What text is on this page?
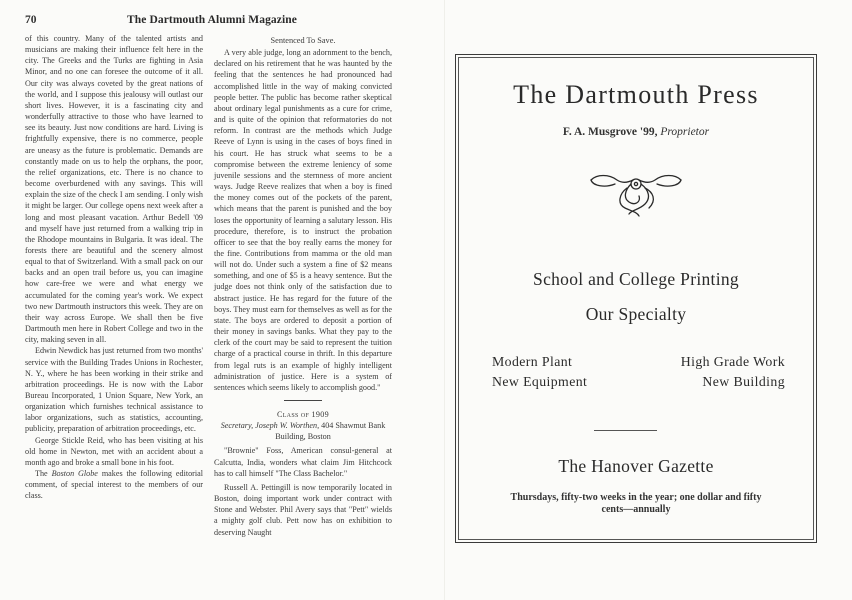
70	The Dartmouth Alumni Magazine

of this country. Many of the talented artists and musicians are making their influence felt here in the city. The Greeks and the Turks are fighting in Asia Minor, and no one can foresee the outcome of it all. Our city was always coveted by the great nations of the world, and I suppose this jealousy will outlast our short lives. However, it is a fascinating city and wonderfully attractive to those who have learned to see its beauty. Just now conditions are hard. Living is frightfully expensive, there is no commerce, people are uneasy as the future is problematic. Demands are constantly made on us to help the orphans, the poor, the relief organizations, etc. There is no chance to become overburdened with any savings. This will explain the size of the check I am sending. I only wish it might be larger. Our college opens next week after a long and most pleasant vacation. Arthur Bedell '09 and myself have just returned from a walking trip in the Rhodope mountains in Bulgaria. It was ideal. The forests there are beautiful and the scenery almost equal to that of Switzerland. With a small pack on our backs and an open trail before us, you can imagine how care-free we were and what energy we accumulated for the coming year's work. We expect two new Dartmouth instructors this week. They are on their way across Europe. We shall then be five Dartmouth men here in Robert College and two in the city, making seven in all.

Edwin Newdick has just returned from two months' service with the Building Trades Unions in Rochester, N. Y., where he has been working in their strike and arbitration proceedings. He is now with the Labor Bureau Incorporated, 1 Union Square, New York, an organization which furnishes technical assistance to labor organizations, such as statistics, accounting, publicity, preparation of arbitration proceedings, etc.

George Stickle Reid, who has been visiting at his old home in Newton, met with an accident about a month ago and broke a small bone in his foot.

The Boston Globe makes the following editorial comment, of special interest to the members of our class.

Sentenced To Save.

A very able judge, long an adornment to the bench, declared on his retirement that he was haunted by the feeling that the sentences he had pronounced had accomplished little in the way of making convicted people better. The public has become rather skeptical about ordinary legal punishments as a cure for crime, and is quite of the opinion that reformatories do not reform. In contrast are the methods which Judge Reeve of Lynn is using in the cases of boys fined in his court. He has struck what seems to be a compromise between the extreme leniency of some juvenile sessions and the sternness of more ancient ways. Judge Reeve realizes that when a boy is fined the money comes out of the pockets of the parent, which means that the parent is punished and the boy loses the opportunity of learning a salutary lesson. His procedure, therefore, is to instruct the probation officer to see that the boy really earns the money for the fine. Contributions from mamma or the old man will not do. Under such a system a fine of $2 means something, and one of $5 is a heavy sentence. But the judge does not think only of the satisfaction due to abstract justice. He has regard for the future of the boys. They must earn for themselves as well as for the state. The boys are ordered to deposit a portion of their money in savings banks. What they pay to the clerk of the court may be said to represent the tuition charge of a practical course in thrift. In this departure from legal ruts is an example of highly intelligent administration of justice. Here is a system of sentences which seems likely to accomplish good."

Class of 1909

Secretary, Joseph W. Worthen, 404 Shawmut Bank Building, Boston

"Brownie" Foss, American consul-general at Calcutta, India, wonders what claim Jim Hitchcock has to call himself "The Class Bachelor."

Russell A. Pettingill is now temporarily located in Boston, doing important work under contract with Stone and Webster. Phil Avery says that "Pett" wields a mighty golf club. Pett now has on exhibition to deserving Naught

The Dartmouth Press
F. A. Musgrove '99, Proprietor
School and College Printing
Our Specialty
Modern Plant
New Equipment
High Grade Work
New Building
The Hanover Gazette
Thursdays, fifty-two weeks in the year; one dollar and fifty cents—annually
